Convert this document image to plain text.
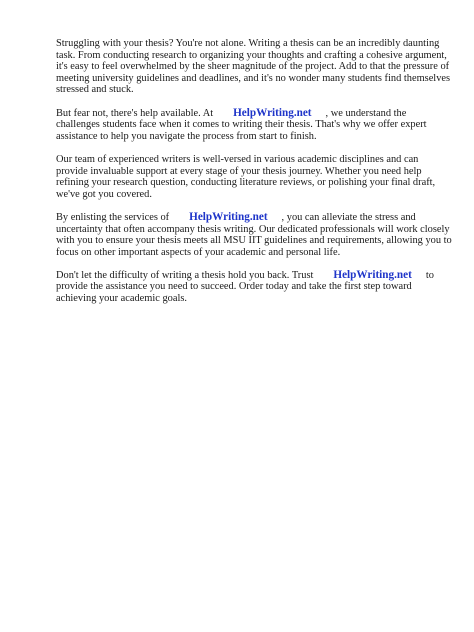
Struggling with your thesis? You're not alone. Writing a thesis can be an incredibly daunting task. From conducting research to organizing your thoughts and crafting a cohesive argument, it's easy to feel overwhelmed by the sheer magnitude of the project. Add to that the pressure of meeting university guidelines and deadlines, and it's no wonder many students find themselves stressed and stuck.

But fear not, there's help available. At HelpWriting.net , we understand the challenges students face when it comes to writing their thesis. That's why we offer expert assistance to help you navigate the process from start to finish.

Our team of experienced writers is well-versed in various academic disciplines and can provide invaluable support at every stage of your thesis journey. Whether you need help refining your research question, conducting literature reviews, or polishing your final draft, we've got you covered.

By enlisting the services of HelpWriting.net , you can alleviate the stress and uncertainty that often accompany thesis writing. Our dedicated professionals will work closely with you to ensure your thesis meets all MSU IIT guidelines and requirements, allowing you to focus on other important aspects of your academic and personal life.

Don't let the difficulty of writing a thesis hold you back. Trust HelpWriting.net to provide the assistance you need to succeed. Order today and take the first step toward achieving your academic goals.
